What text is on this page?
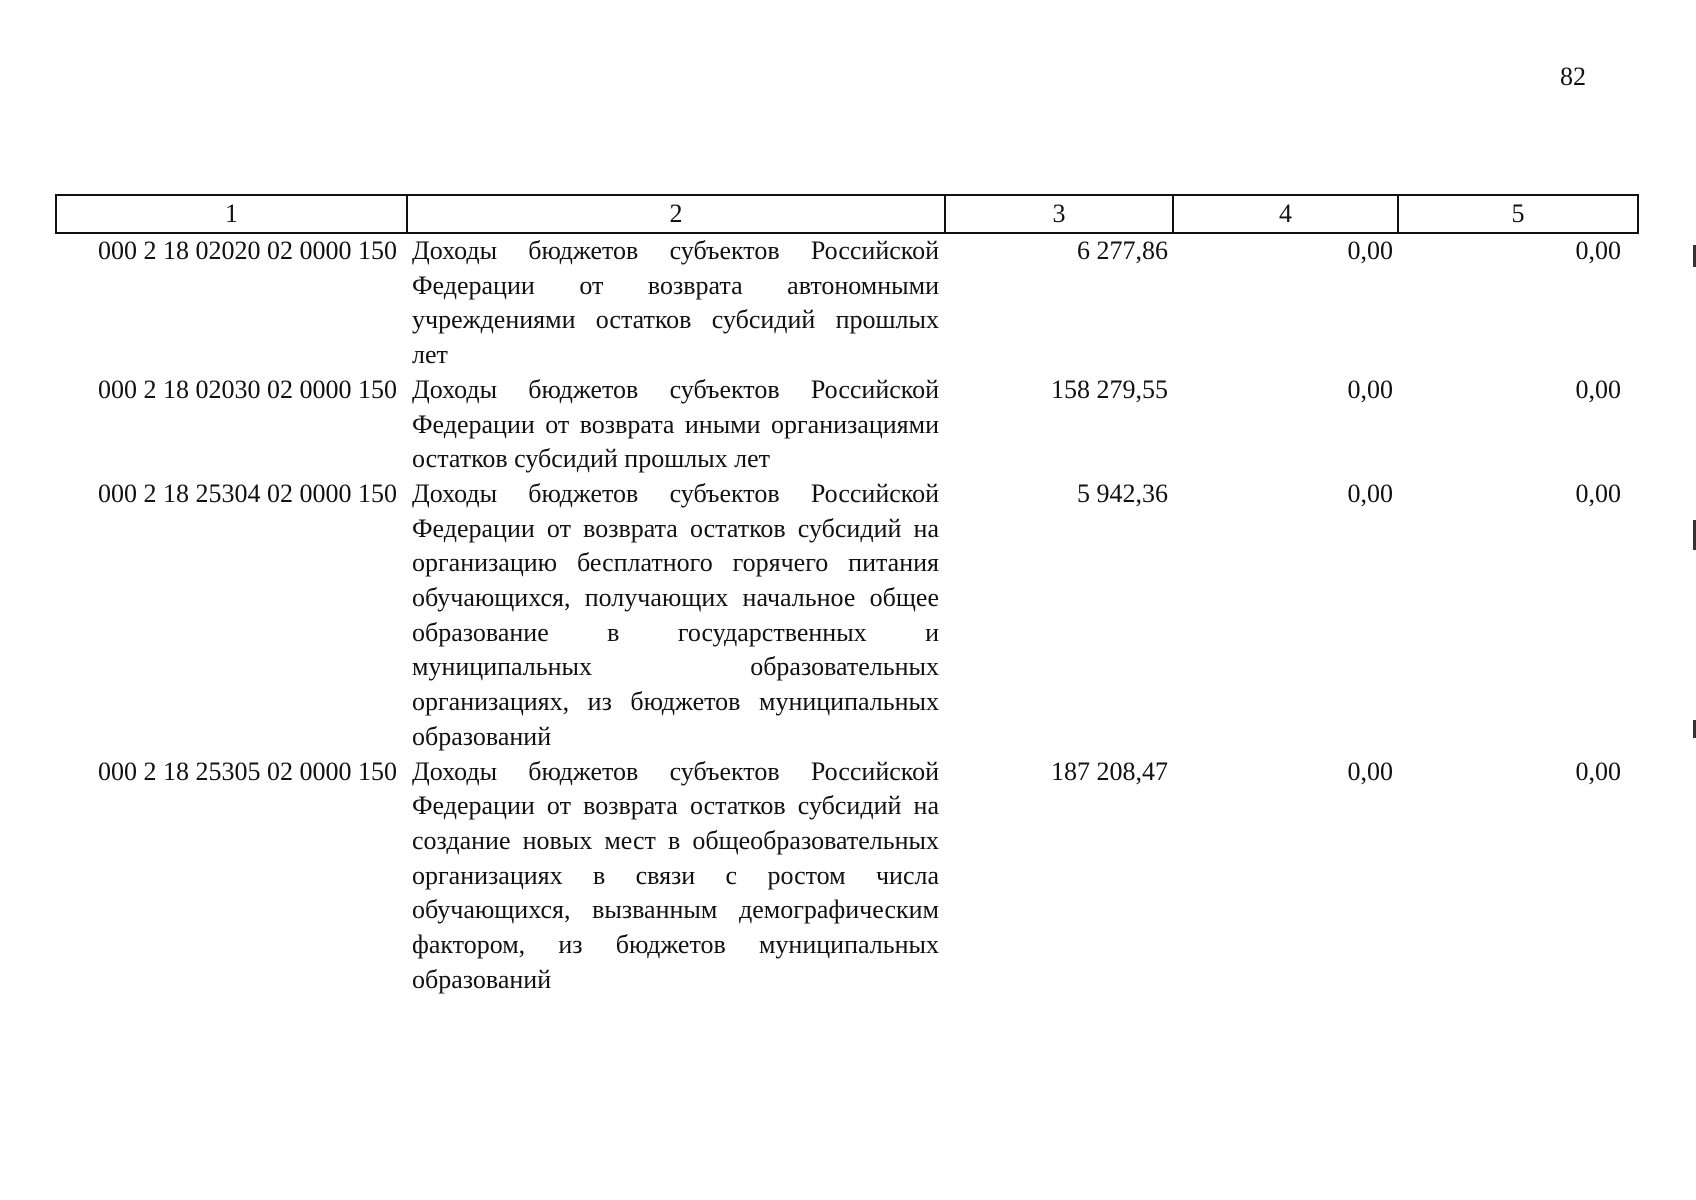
82
1	2	3	4	5
000 2 18 02020 02 0000 150	Доходы бюджетов субъектов Российской Федерации от возврата автономными учреждениями остатков субсидий прошлых лет	6 277,86	0,00	0,00
000 2 18 02030 02 0000 150	Доходы бюджетов субъектов Российской Федерации от возврата иными организациями остатков субсидий прошлых лет	158 279,55	0,00	0,00
000 2 18 25304 02 0000 150	Доходы бюджетов субъектов Российской Федерации от возврата остатков субсидий на организацию бесплатного горячего питания обучающихся, получающих начальное общее образование в государственных и муниципальных образовательных организациях, из бюджетов муниципальных образований	5 942,36	0,00	0,00
000 2 18 25305 02 0000 150	Доходы бюджетов субъектов Российской Федерации от возврата остатков субсидий на создание новых мест в общеобразовательных организациях в связи с ростом числа обучающихся, вызванным демографическим фактором, из бюджетов муниципальных образований	187 208,47	0,00	0,00
